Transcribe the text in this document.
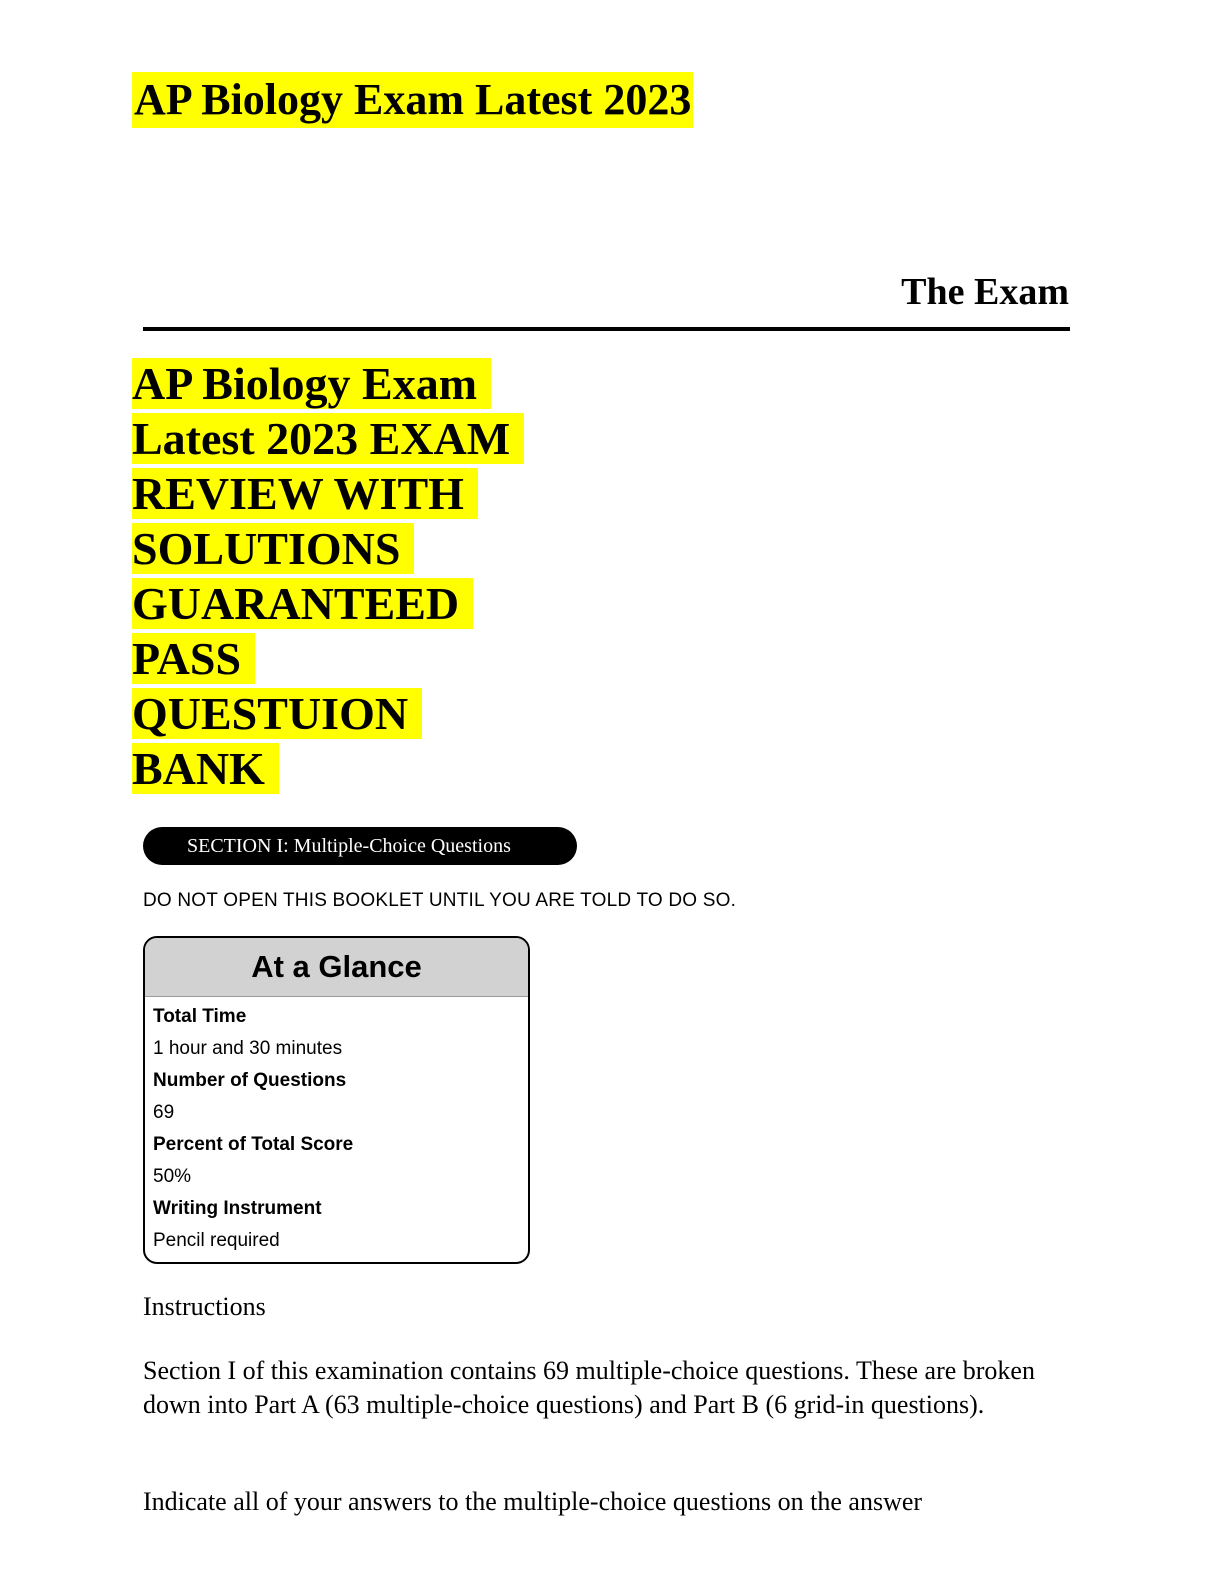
AP Biology Exam Latest 2023
The Exam
AP Biology Exam
Latest 2023 EXAM
REVIEW WITH
SOLUTIONS
GUARANTEED
PASS
QUESTUION
BANK
SECTION I: Multiple-Choice Questions
DO NOT OPEN THIS BOOKLET UNTIL YOU ARE TOLD TO DO SO.
At a Glance
Total Time
1 hour and 30 minutes
Number of Questions
69
Percent of Total Score
50%
Writing Instrument
Pencil required
Instructions
Section I of this examination contains 69 multiple-choice questions. These are broken down into Part A (63 multiple-choice questions) and Part B (6 grid-in questions).
Indicate all of your answers to the multiple-choice questions on the answer
